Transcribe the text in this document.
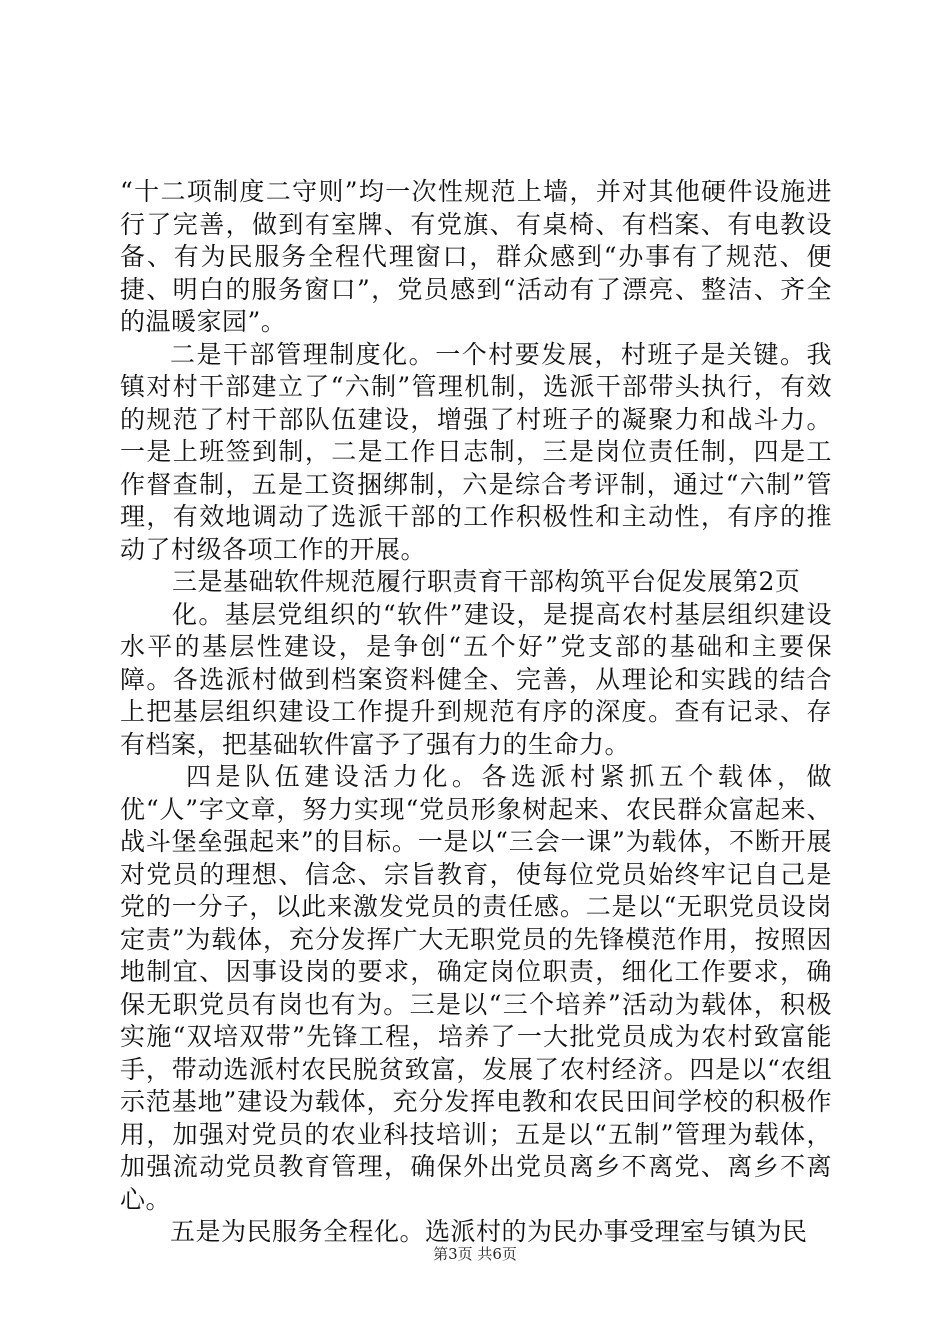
“十二项制度二守则”均一次性规范上墙，并对其他硬件设施进行了完善，做到有室牌、有党旗、有桌椅、有档案、有电教设备、有为民服务全程代理窗口，群众感到“办事有了规范、便捷、明白的服务窗口”，党员感到“活动有了漂亮、整洁、齐全的温暖家园”。

二是干部管理制度化。一个村要发展，村班子是关键。我镇对村干部建立了“六制”管理机制，选派干部带头执行，有效的规范了村干部队伍建设，增强了村班子的凝聚力和战斗力。一是上班签到制，二是工作日志制，三是岗位责任制，四是工作督查制，五是工资捆绑制，六是综合考评制，通过“六制”管理，有效地调动了选派干部的工作积极性和主动性，有序的推动了村级各项工作的开展。

三是基础软件规范履行职责育干部构筑平台促发展第2页

化。基层党组织的“软件”建设，是提高农村基层组织建设水平的基层性建设，是争创“五个好”党支部的基础和主要保障。各选派村做到档案资料健全、完善，从理论和实践的结合上把基层组织建设工作提升到规范有序的深度。查有记录、存有档案，把基础软件富予了强有力的生命力。

四是队伍建设活力化。各选派村紧抓五个载体，做优“人”字文章，努力实现“党员形象树起来、农民群众富起来、战斗堡垒强起来”的目标。一是以“三会一课”为载体，不断开展对党员的理想、信念、宗旨教育，使每位党员始终牢记自己是党的一分子，以此来激发党员的责任感。二是以“无职党员设岗定责”为载体，充分发挥广大无职党员的先锋模范作用，按照因地制宜、因事设岗的要求，确定岗位职责，细化工作要求，确保无职党员有岗也有为。三是以“三个培养”活动为载体，积极实施“双培双带”先锋工程，培养了一大批党员成为农村致富能手，带动选派村农民脱贫致富，发展了农村经济。四是以“农组示范基地”建设为载体，充分发挥电教和农民田间学校的积极作用，加强对党员的农业科技培训；五是以“五制”管理为载体，加强流动党员教育管理，确保外出党员离乡不离党、离乡不离心。

五是为民服务全程化。选派村的为民办事受理室与镇为民

第3页 共6页
